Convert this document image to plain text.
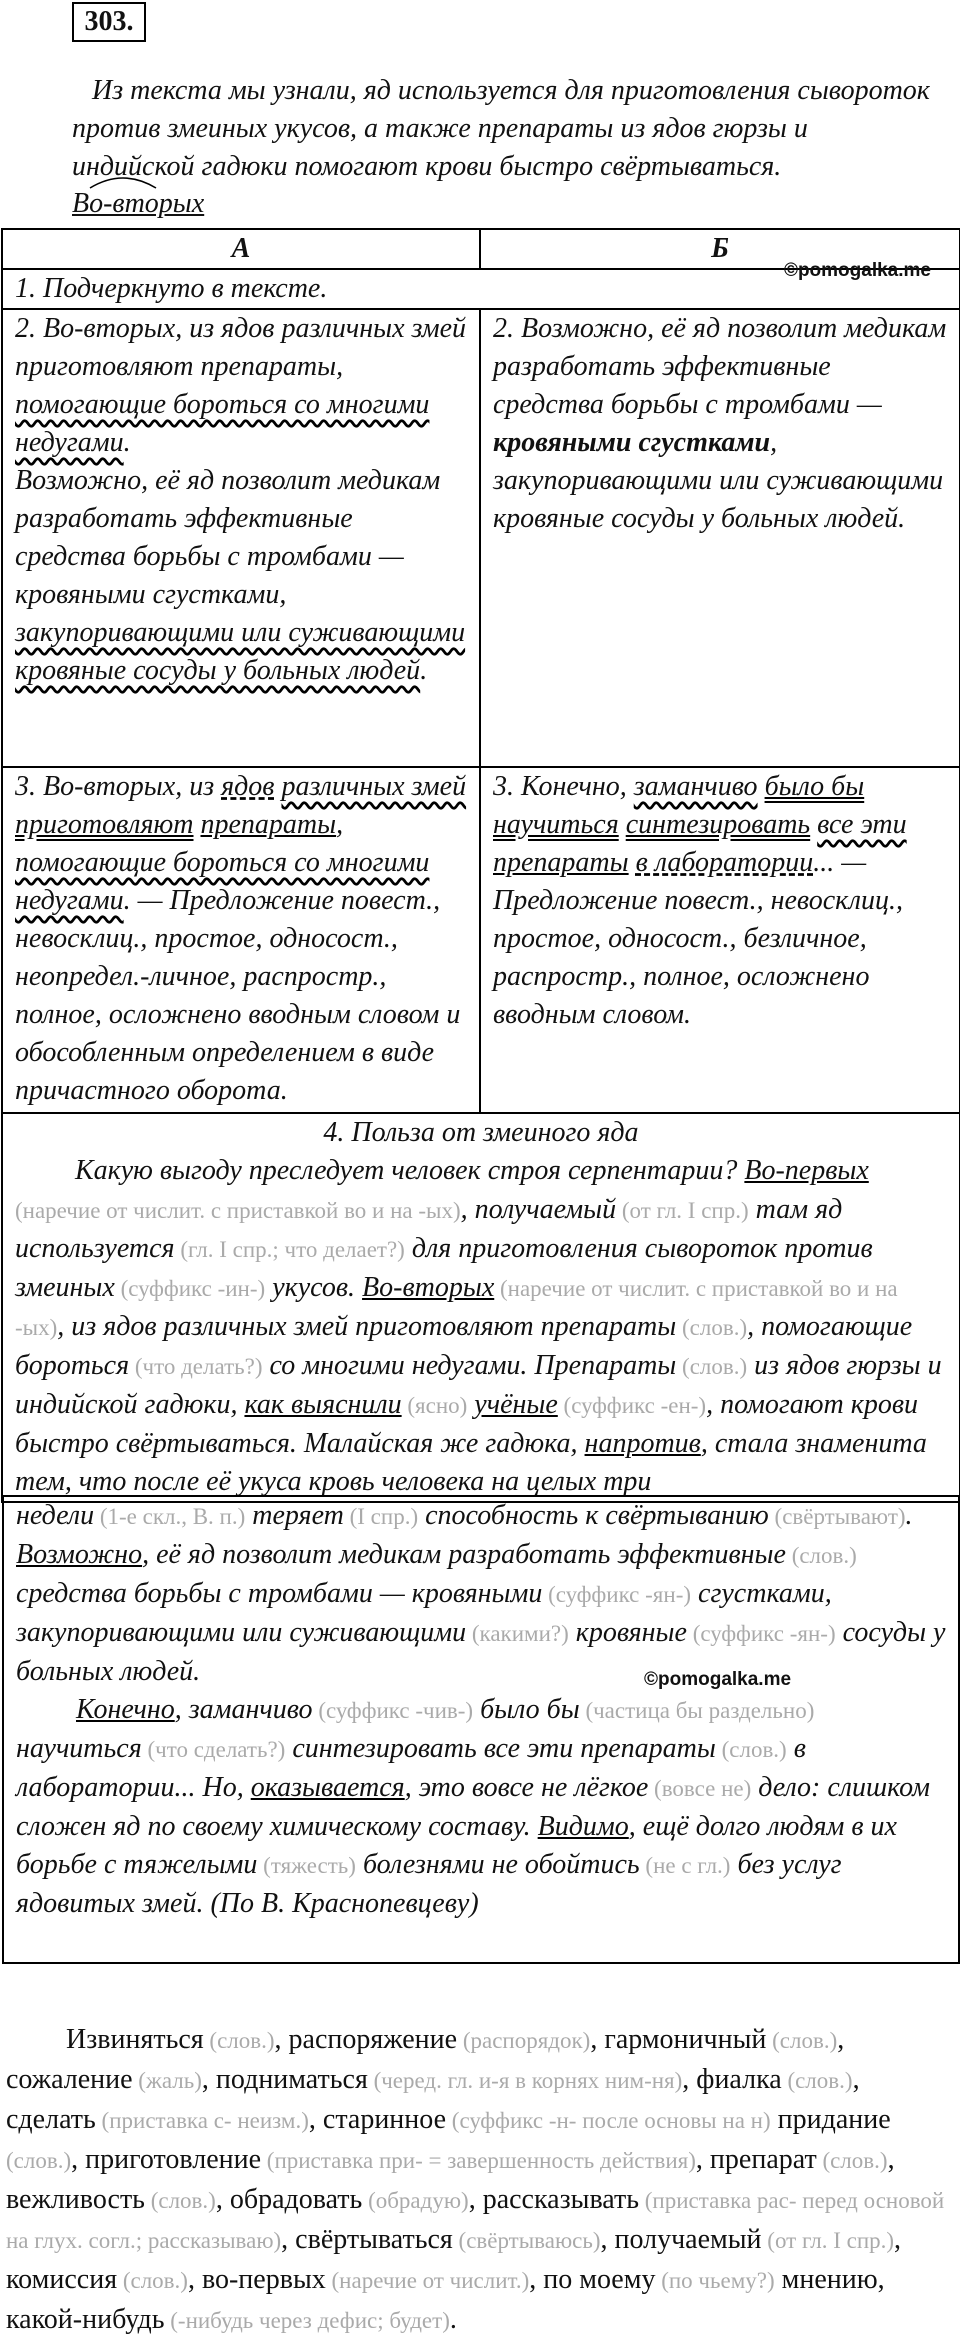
303.
Из текста мы узнали, яд используется для приготовления сывороток против змеиных укусов, а также препараты из ядов гюрзы и индийской гадюки помогают крови быстро свёртываться.
Во-вторых
А	Б
©pomogalka.me

1. Подчеркнуто в тексте.	
2. Во-вторых, из ядов различных змей приготовляют препараты, помогающие бороться со многими недугами.
Возможно, её яд позволит медикам разработать эффективные средства борьбы с тромбами — кровяными сгустками, закупоривающими или суживающими кровяные сосуды у больных людей.	2. Возможно, её яд позволит медикам разработать эффективные средства борьбы с тромбами — кровяными сгустками, закупоривающими или суживающими кровяные сосуды у больных людей.
3. Во-вторых, из ядов различных змей приготовляют препараты, помогающие бороться со многими недугами. — Предложение повест., невосклиц., простое, односост., неопредел.-личное, распростр., полное, осложнено вводным словом и обособленным определением в виде причастного оборота.	3. Конечно, заманчиво было бы научиться синтезировать все эти препараты в лаборатории... — Предложение повест., невосклиц., простое, односост., безличное, распростр., полное, осложнено вводным словом.

4. Польза от змеиного яда
Какую выгоду преследует человек строя серпентарии? Во-первых (наречие от числит. с приставкой во и на -ых), получаемый (от гл. I спр.) там яд используется (гл. I спр.; что делает?) для приготовления сывороток против змеиных (суффикс -ин-) укусов. Во-вторых (наречие от числит. с приставкой во и на -ых), из ядов различных змей приготовляют препараты (слов.), помогающие бороться (что делать?) со многими недугами. Препараты (слов.) из ядов гюрзы и индийской гадюки, как выяснили (ясно) учёные (суффикс -ен-), помогают крови быстро свёртываться. Малайская же гадюка, напротив, стала знаменита тем, что после её укуса кровь человека на целых три	

недели (1-е скл., В. п.) теряет (I спр.) способность к свёртыванию (свёртывают). Возможно, её яд позволит медикам разработать эффективные (слов.) средства борьбы с тромбами — кровяными (суффикс -ян-) сгустками, закупоривающими или суживающими (какими?) кровяные (суффикс -ян-) сосуды у больных людей.

Конечно, заманчиво (суффикс -чив-) было бы (частица бы раздельно) научиться (что сделать?) синтезировать все эти препараты (слов.) в лаборатории... Но, оказывается, это вовсе не лёгкое (вовсе не) дело: слишком сложен яд по своему химическому составу. Видимо, ещё долго людям в их борьбе с тяжелыми (тяжесть) болезнями не обойтись (не с гл.) без услуг ядовитых змей. (По В. Краснопевцеву)

©pomogalka.me
Извиняться (слов.), распоряжение (распорядок), гармоничный (слов.), сожаление (жаль), подниматься (черед. гл. и-я в корнях ним-ня), фиалка (слов.), сделать (приставка с- неизм.), старинное (суффикс -н- после основы на н) придание (слов.), приготовление (приставка при- = завершенность действия), препарат (слов.), вежливость (слов.), обрадовать (обрадую), рассказывать (приставка рас- перед основой на глух. согл.; рассказываю), свёртываться (свёртываюсь), получаемый (от гл. I спр.), комиссия (слов.), во-первых (наречие от числит.), по моему (по чьему?) мнению, какой-нибудь (-нибудь через дефис; будет).
